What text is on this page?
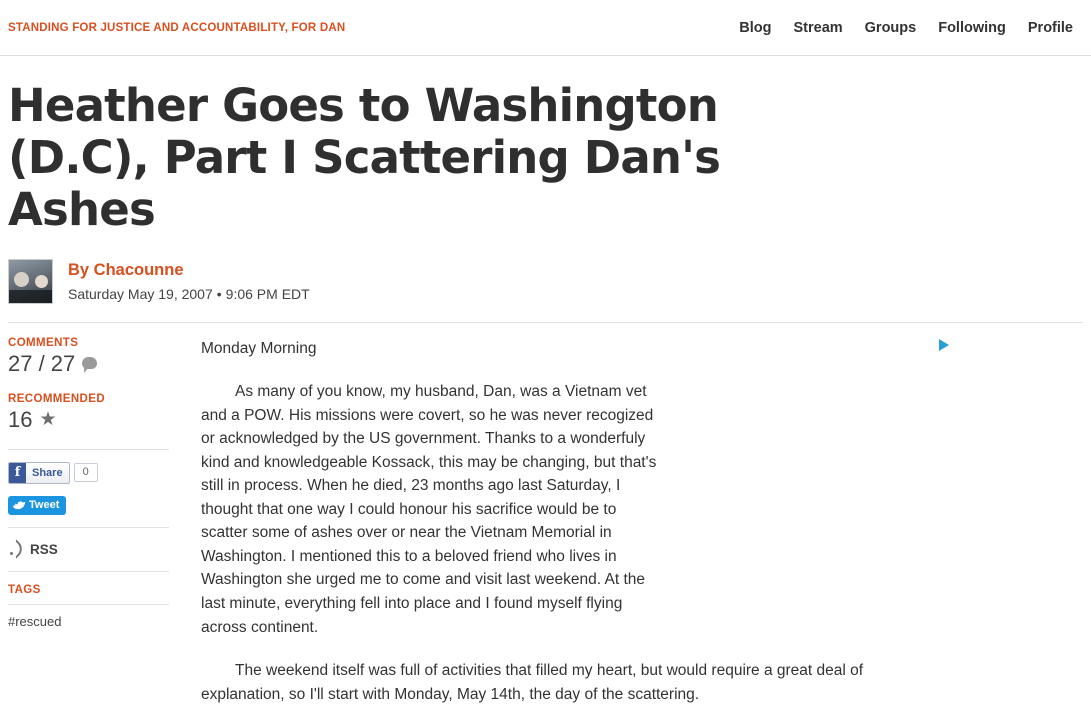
STANDING FOR JUSTICE AND ACCOUNTABILITY, FOR DAN	Blog Stream Groups Following Profile
Heather Goes to Washington (D.C), Part I Scattering Dan's Ashes
By Chacounne
Saturday May 19, 2007 • 9:06 PM EDT
COMMENTS
27 / 27
RECOMMENDED
16 ★
f	Share	0
Tweet
RSS
TAGS
#rescued

Monday Morning

As many of you know, my husband, Dan, was a Vietnam vet and a POW. His missions were covert, so he was never recogized or acknowledged by the US government. Thanks to a wonderfuly kind and knowledgeable Kossack, this may be changing, but that's still in process. When he died, 23 months ago last Saturday, I thought that one way I could honour his sacrifice would be to scatter some of ashes over or near the Vietnam Memorial in Washington. I mentioned this to a beloved friend who lives in Washington she urged me to come and visit last weekend. At the last minute, everything fell into place and I found myself flying across continent.

The weekend itself was full of activities that filled my heart, but would require a great deal of explanation, so I'll start with Monday, May 14th, the day of the scattering.
